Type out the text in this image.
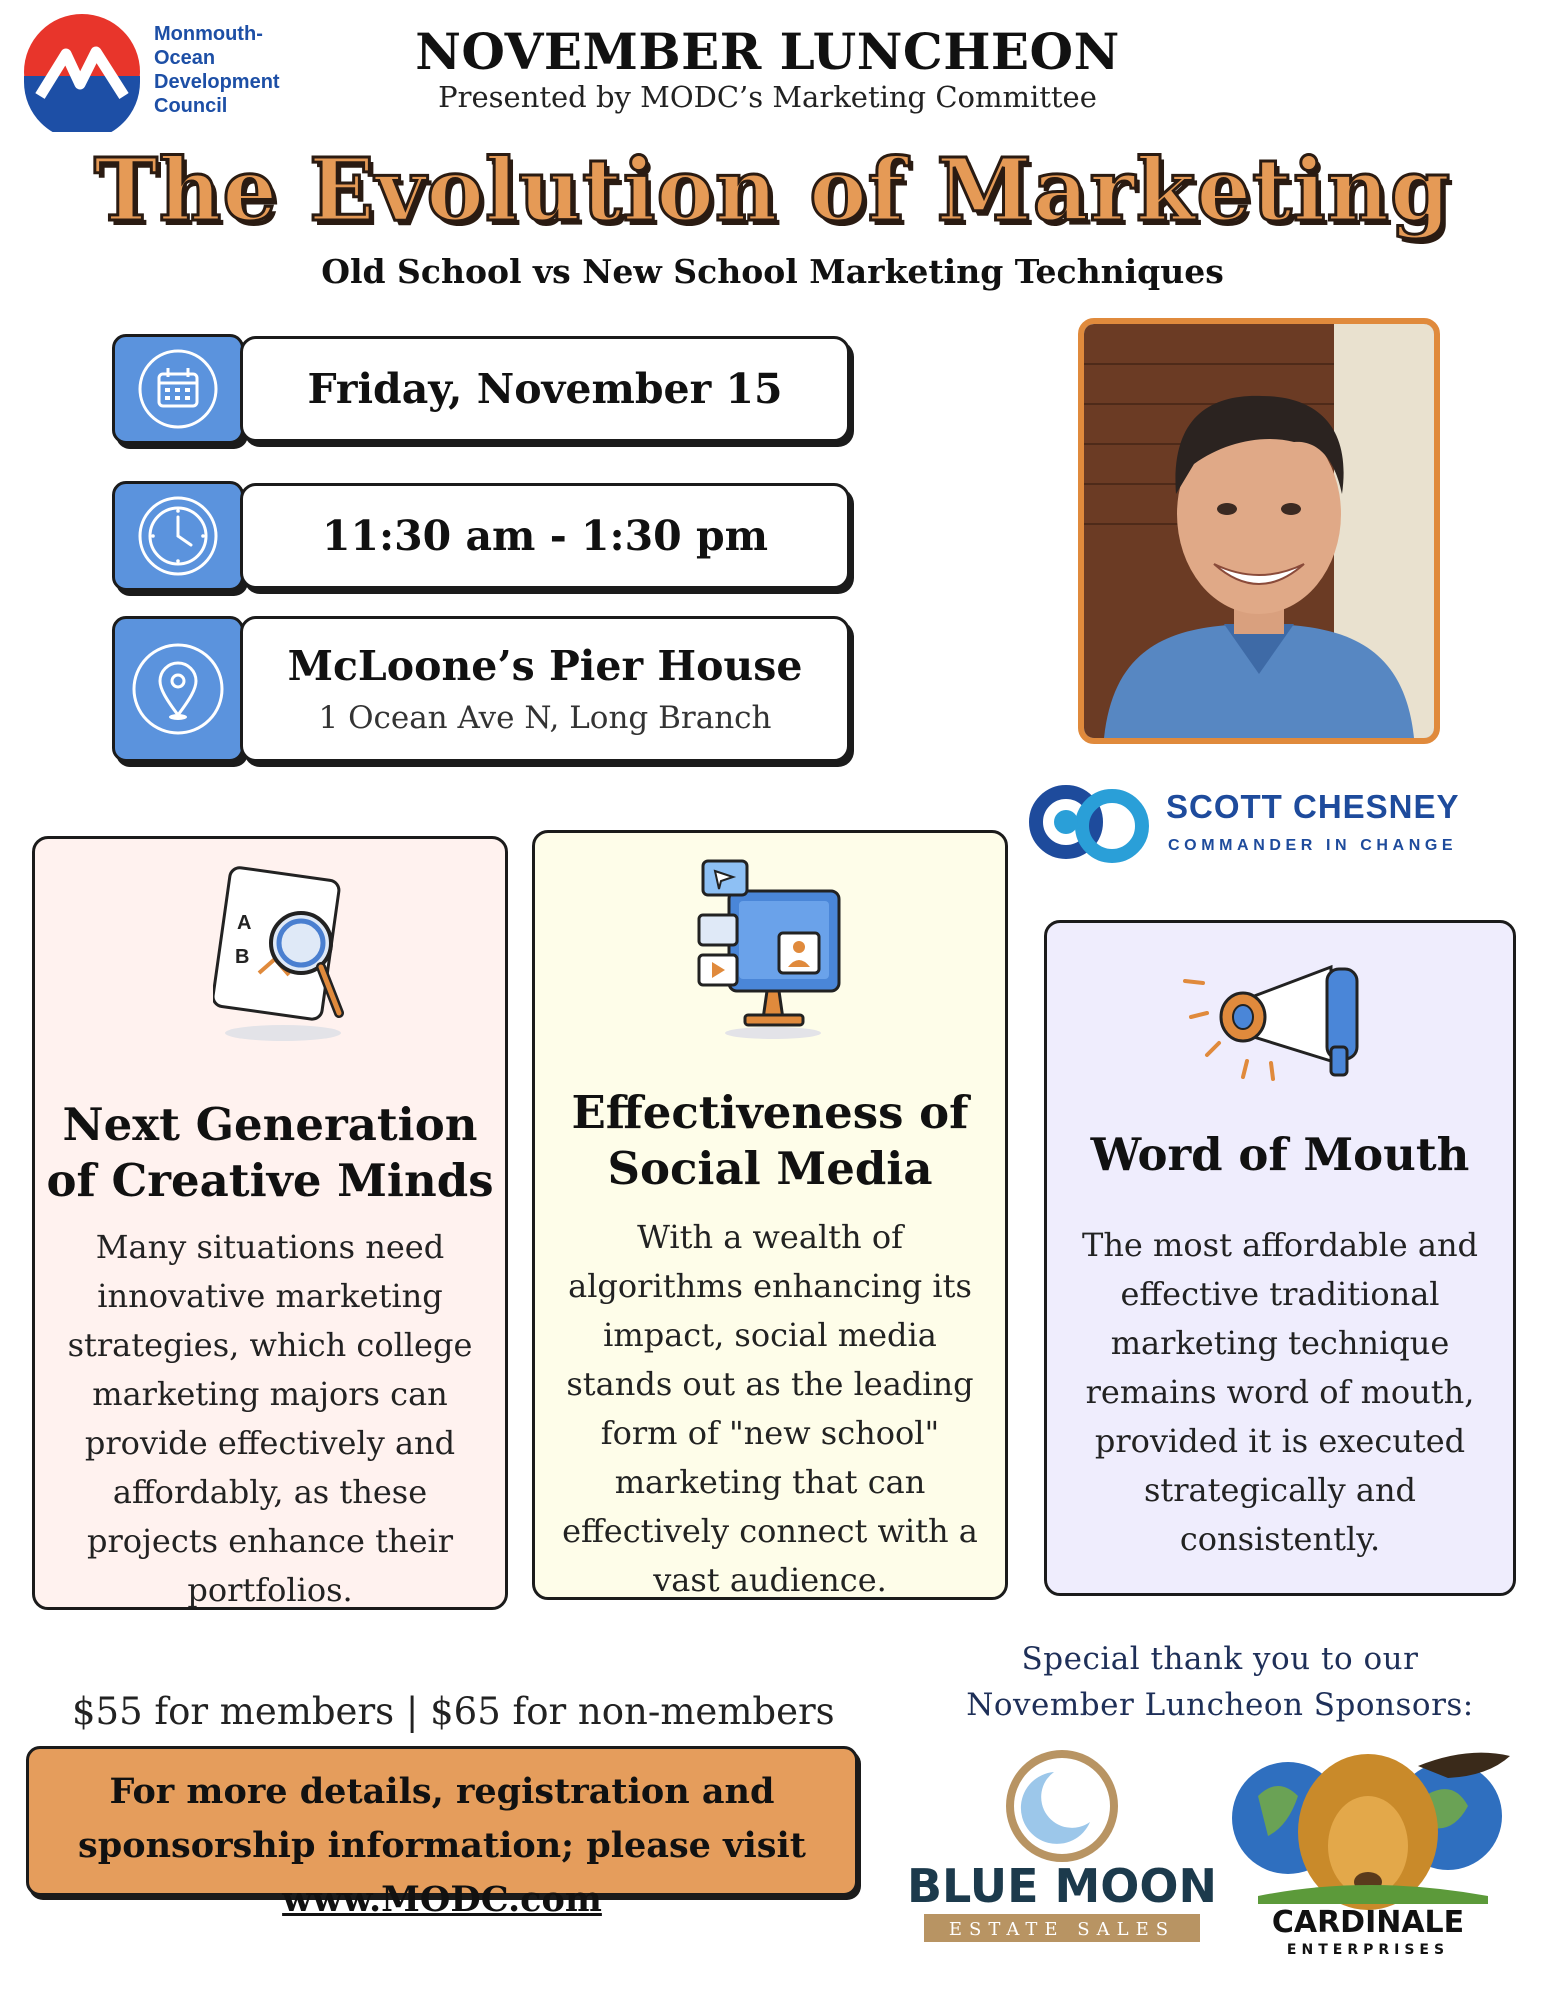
Monmouth-
Ocean
Development
Council
NOVEMBER LUNCHEON
Presented by MODC’s Marketing Committee
The Evolution of Marketing
Old School vs New School Marketing Techniques
Friday, November 15
11:30 am - 1:30 pm
McLoone’s Pier House
1 Ocean Ave N, Long Branch
SCOTT CHESNEY
COMMANDER IN CHANGE
A
B
Next Generation of Creative Minds
Many situations need innovative marketing strategies, which college marketing majors can provide effectively and affordably, as these projects enhance their portfolios.
Effectiveness of Social Media
With a wealth of algorithms enhancing its impact, social media stands out as the leading form of "new school" marketing that can effectively connect with a vast audience.
Word of Mouth
The most affordable and effective traditional marketing technique remains word of mouth, provided it is executed strategically and consistently.
$55 for members | $65 for non-members
For more details, registration and sponsorship information; please visit www.MODC.com
Special thank you to our
November Luncheon Sponsors:
BLUE MOON
ESTATE SALES	CARDINALE
ENTERPRISES
